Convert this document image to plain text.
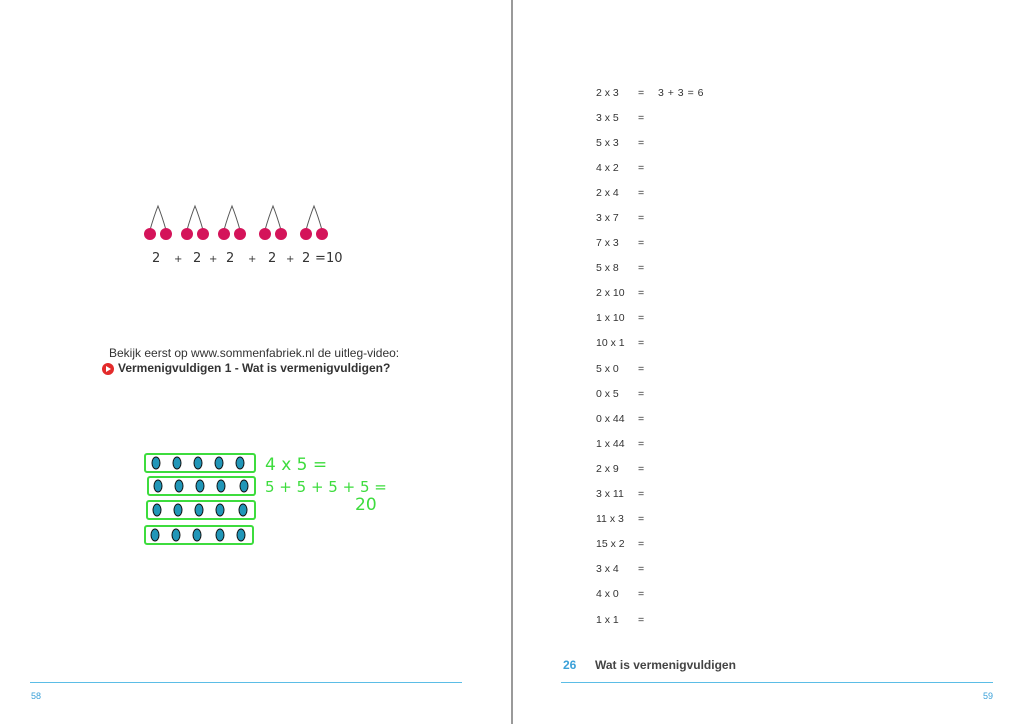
2 + 2 + 2 + 2 + 2 = 10
Bekijk eerst op www.sommenfabriek.nl de uitleg-video:
Vermenigvuldigen 1 - Wat is vermenigvuldigen?
4 x 5 =
5 + 5 + 5 + 5 =
20
58	59
2 x 3	=	3 + 3 = 6
3 x 5	=
5 x 3	=
4 x 2	=
2 x 4	=
3 x 7	=
7 x 3	=
5 x 8	=
2 x 10	=
1 x 10	=
10 x 1	=
5 x 0	=
0 x 5	=
0 x 44	=
1 x 44	=
2 x 9	=
3 x 11	=
11 x 3	=
15 x 2	=
3 x 4	=
4 x 0	=
1 x 1	=
26	Wat is vermenigvuldigen
